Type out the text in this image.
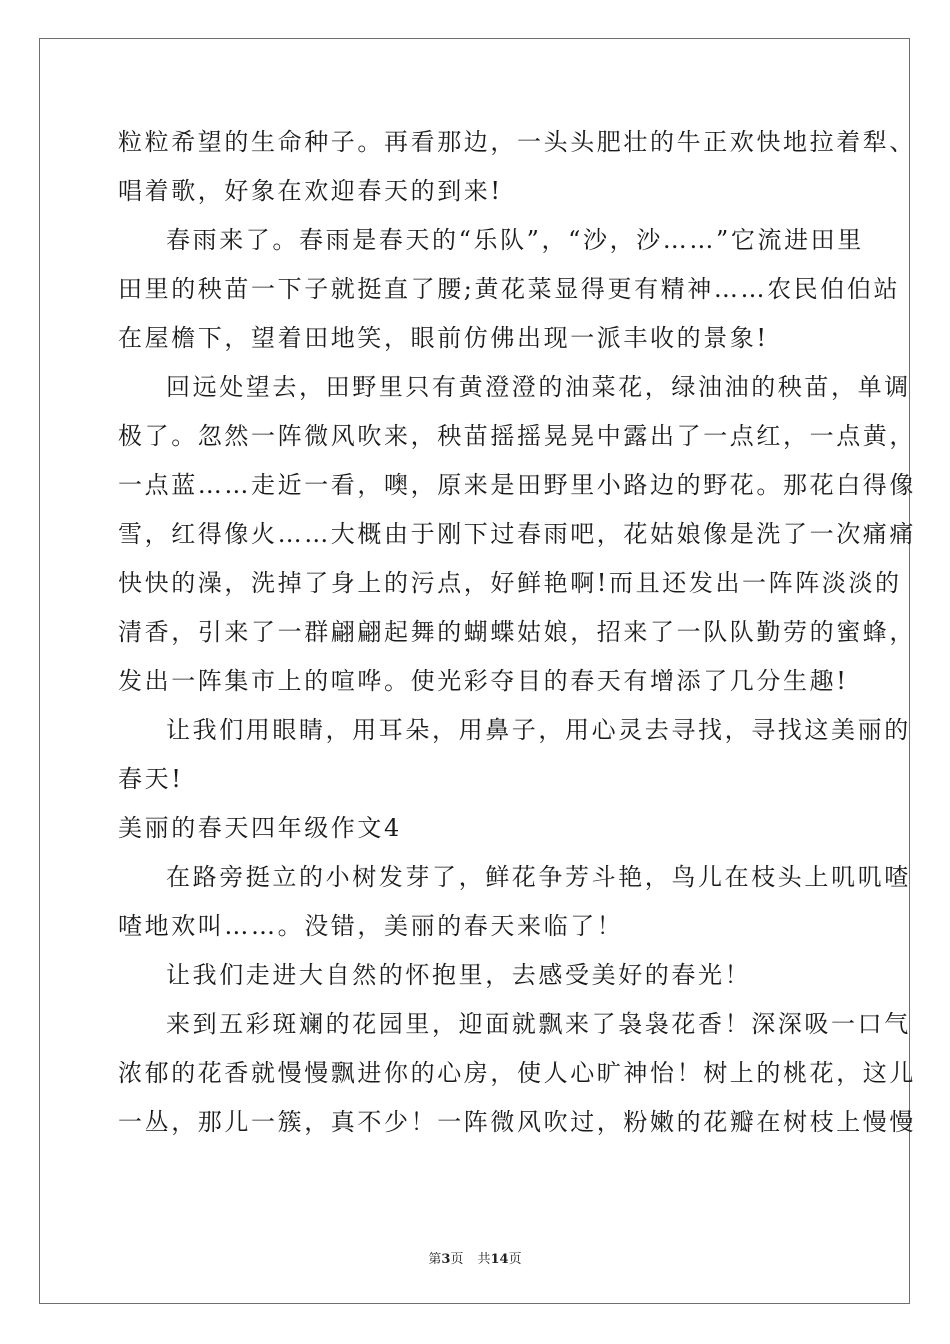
粒粒希望的生命种子。再看那边，一头头肥壮的牛正欢快地拉着犁、
唱着歌，好象在欢迎春天的到来!
春雨来了。春雨是春天的“乐队”，“沙，沙……”它流进田里
田里的秧苗一下子就挺直了腰;黄花菜显得更有精神……农民伯伯站
在屋檐下，望着田地笑，眼前仿佛出现一派丰收的景象!
回远处望去，田野里只有黄澄澄的油菜花，绿油油的秧苗，单调
极了。忽然一阵微风吹来，秧苗摇摇晃晃中露出了一点红，一点黄，
一点蓝……走近一看，噢，原来是田野里小路边的野花。那花白得像
雪，红得像火……大概由于刚下过春雨吧，花姑娘像是洗了一次痛痛
快快的澡，洗掉了身上的污点，好鲜艳啊!而且还发出一阵阵淡淡的
清香，引来了一群翩翩起舞的蝴蝶姑娘，招来了一队队勤劳的蜜蜂，
发出一阵集市上的喧哗。使光彩夺目的春天有增添了几分生趣!
让我们用眼睛，用耳朵，用鼻子，用心灵去寻找，寻找这美丽的
春天!
美丽的春天四年级作文4
在路旁挺立的小树发芽了，鲜花争芳斗艳，鸟儿在枝头上叽叽喳
喳地欢叫……。没错，美丽的春天来临了！
让我们走进大自然的怀抱里，去感受美好的春光！
来到五彩斑斓的花园里，迎面就飘来了袅袅花香！深深吸一口气
浓郁的花香就慢慢飘进你的心房，使人心旷神怡！树上的桃花，这儿
一丛，那儿一簇，真不少！一阵微风吹过，粉嫩的花瓣在树枝上慢慢
第3页 共14页
